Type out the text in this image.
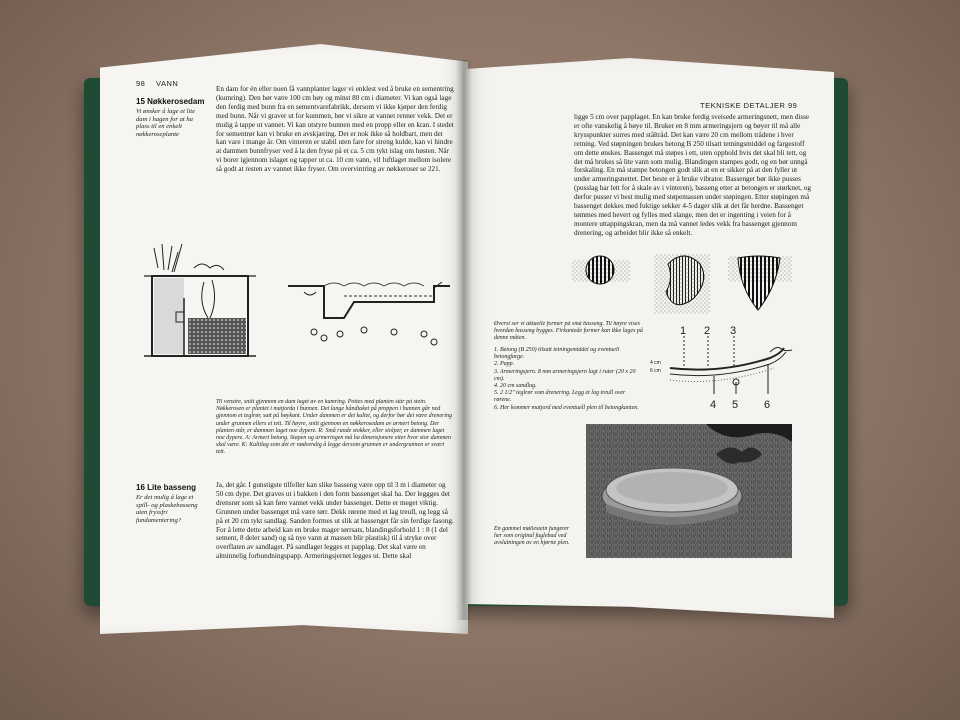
98 VANN
15 Nøkkerosedam
Vi ønsker å lage et lite dam i hagen for at ha plass til en enkelt nøkkeroseplante
En dam for én eller noen få vannplanter lager vi enklest ved å bruke en sementring (kumring). Den bør være 100 cm høy og minst 80 cm i diameter. Vi kan også lage den ferdig med bunn fra en sementvarefabrikk, dersom vi ikke kjøper den ferdig med bunn. Når vi graver ut for kummen, bør vi sikre at vannet renner vekk. Det er mulig å tappe ut vannet. Vi kan utstyre bunnen med en propp eller en kran. I stedet for sementrør kan vi bruke en avskjæring. Det er nok ikke så holdbart, men det kan vare i mange år. Om vinteren er stabil uten fare for streng kulde, kan vi hindre at dammen bunnfryser ved å la den fryse på et ca. 5 cm tykt islag om høsten. Når vi borer igjennom islaget og tapper ut ca. 10 cm vann, vil luftlaget mellom isolere så godt at resten av vannet ikke fryser. Om overvintring av nøkkeroser se 221.
Til venstre, snitt gjennom en dam laget av en kumring. Pottes med planten står på stein. Nøkkerosen er plantet i matjorda i bunnen. Det lange håndtaket på proppen i bunnen går ned gjennom et teglrør, satt på høykant. Under dammen er det kultet, og derfor bør det være drenering under grunnen ellers et tett. Til høyre, snitt gjennom en nøkkerosedam av armert betong. Der planten står, er dammen laget noe dypere. R: Små runde stokker, eller stolper, er dammen laget noe dypere. A: Armert betong. Stapen og armeringen må ha dimensjonere etter hvor stor dammen skal være. K: Kultilag som det er nødvendig å legge dersom grunnen er undergrunnen er svært tett.
16 Lite basseng
Er det mulig å lage et spill- og plaskebasseng uten fryssfri fundamentering?
Ja, det går. I gunstigste tilfeller kan slike basseng være opp til 3 m i diameter og 50 cm dype. Det graves ut i bakken i den form bassenget skal ha. Der leggges det drensrør som så kan føre vannet vekk under bassenget. Dette er meget viktig. Grunnen under bassenget må være tørr. Dekk rørene med et lag treull, og legg så på et 20 cm tykt sandlag. Sanden formes ut slik at bassenget får sin ferdige fasong. For å lette dette arbeid kan en bruke mager tørrsats, blandingsforhold 1 : 8 (1 del sement, 8 deler sand) og så nye vann at massen blir plastisk) til å stryke over overflaten av sandlaget. På sandlaget legges et papplag. Det skal være en alminnelig forbundningspapp. Armeringsjernet legges ut. Dette skal
TEKNISKE DETALJER 99
ligge 5 cm over papplaget. En kan bruke ferdig sveisede armeringsnett, men disse er ofte vanskelig å bøye til. Bruker en 8 mm armeringsjern og bøyer til må alle krysspunkter surres med ståltråd. Det kan være 20 cm mellom trådene i hver retning. Ved støpningen brukes betong B 250 tilsatt tetningsmiddel og fargestoff om dette ønskes. Bassenget må støpes i ett, uten opphold hvis det skal bli tett, og det må brukes så lite vann som mulig. Blandingen stampes godt, og en bør unngå forskaling. En må stampe betongen godt slik at en er sikker på at den fyller ut under armeringsnettet. Det beste er å bruke vibrator. Bassenget bør ikke pusses (pusslag har lett for å skale av i vinteren), basseng etter at betongen er størknet, og derfor pusser vi best mulig med støpemassen under støpingen. Etter støpingen må bassenget dekkes med fuktige sekker 4-5 dager slik at det får herdne. Bassenget tømmes med hevert og fylles med slange, men det er ingenting i veien for å montere uttappingskran, men da må vannet ledes vekk fra bassenget gjennom drenering, og arbeidet blir ikke så enkelt.
Øverst ser vi aktuelle former på små basseng. Til høyre vises hvordan basseng bygges. Firkantede former kan ikke lages på denne måten.
1. Betong (B 250) tilsatt tetningsmiddel og eventuell betongfarge.
2. Papp.
3. Armeringsjern. 8 mm armeringsjern lagt i ruter (20 x 20 cm).
4. 20 cm sandlag.
5. 2 1/2" teglrør som drenering. Legg et lag treull over rørene.
6. Her kommer matjord med eventuell plen til betongkanten.
1 2 3
4 5 6
4 cm
6 cm
En gammel møllestein fungerer her som original fuglebad ved avslutningen av en hjørne plen.
